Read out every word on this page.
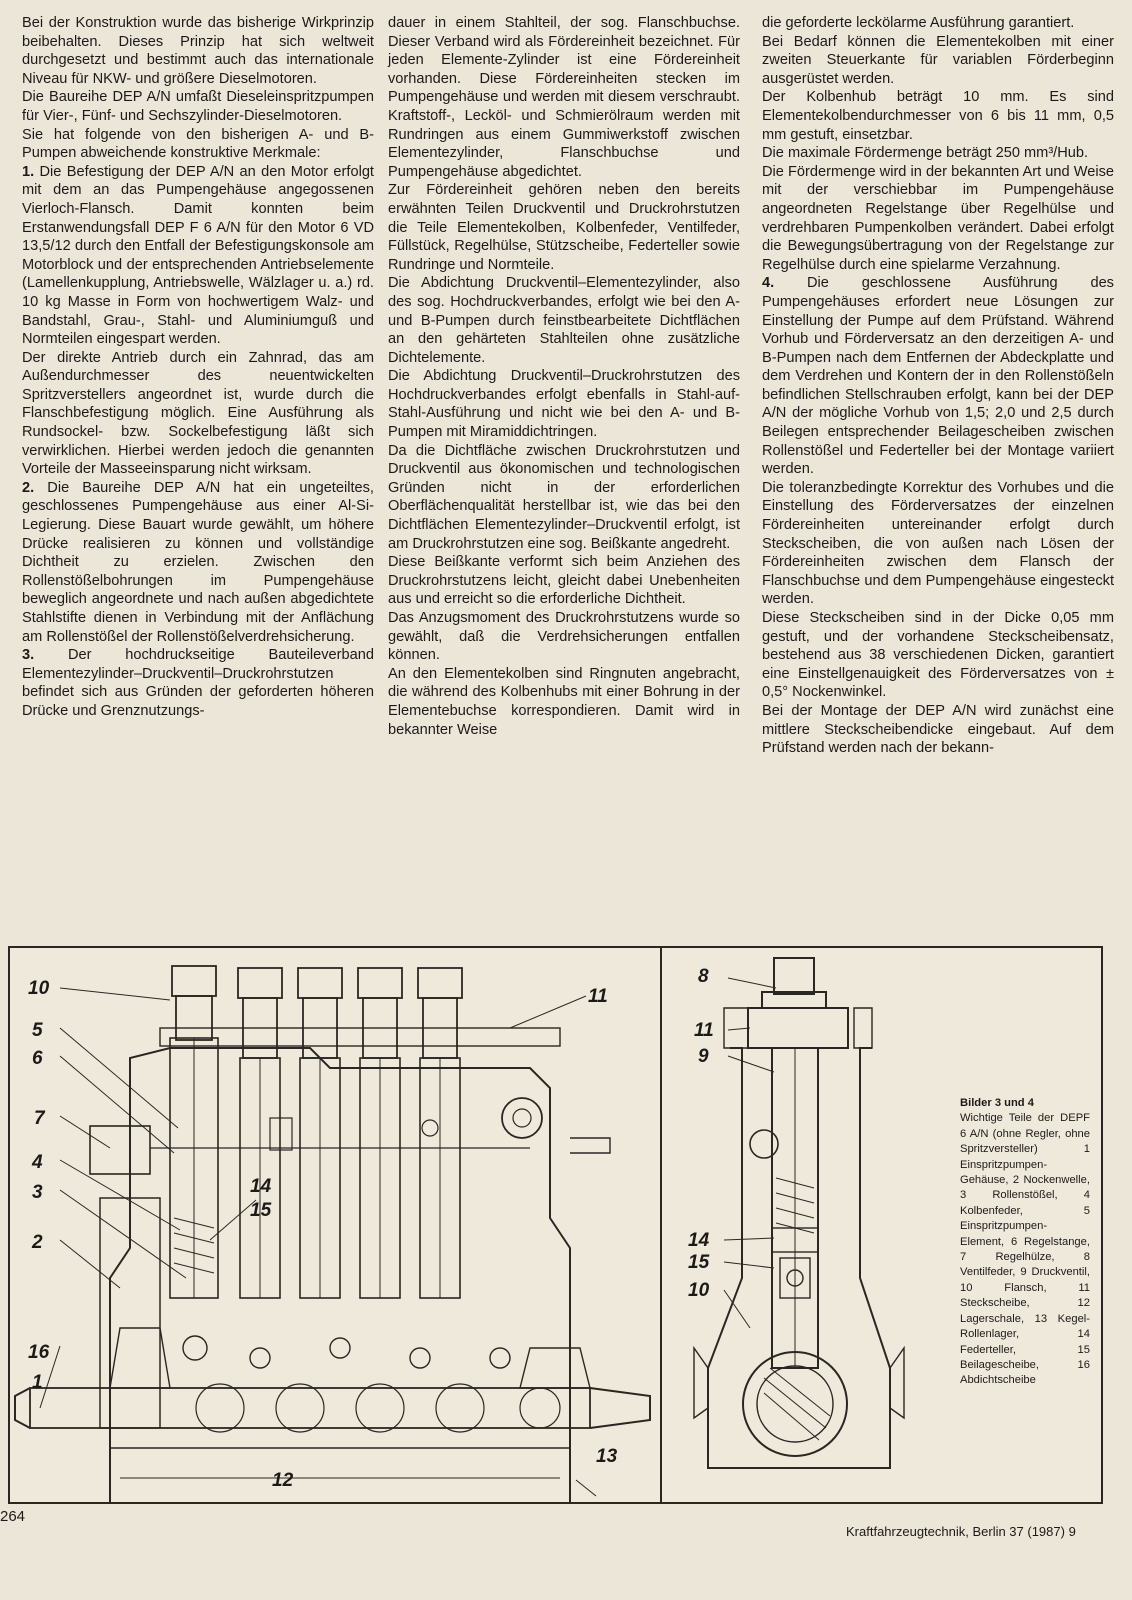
Bei der Konstruktion wurde das bisherige Wirkprinzip beibehalten. Dieses Prinzip hat sich weltweit durchgesetzt und bestimmt auch das internationale Niveau für NKW- und größere Dieselmotoren.

Die Baureihe DEP A/N umfaßt Dieseleinspritzpumpen für Vier-, Fünf- und Sechszylinder-Dieselmotoren.

Sie hat folgende von den bisherigen A- und B-Pumpen abweichende konstruktive Merkmale:

1. Die Befestigung der DEP A/N an den Motor erfolgt mit dem an das Pumpengehäuse angegossenen Vierloch-Flansch. Damit konnten beim Erstanwendungsfall DEP F 6 A/N für den Motor 6 VD 13,5/12 durch den Entfall der Befestigungskonsole am Motorblock und der entsprechenden Antriebselemente (Lamellenkupplung, Antriebswelle, Wälzlager u. a.) rd. 10 kg Masse in Form von hochwertigem Walz- und Bandstahl, Grau-, Stahl- und Aluminiumguß und Normteilen eingespart werden.

Der direkte Antrieb durch ein Zahnrad, das am Außendurchmesser des neuentwickelten Spritzverstellers angeordnet ist, wurde durch die Flanschbefestigung möglich. Eine Ausführung als Rundsockel- bzw. Sockelbefestigung läßt sich verwirklichen. Hierbei werden jedoch die genannten Vorteile der Masseeinsparung nicht wirksam.

2. Die Baureihe DEP A/N hat ein ungeteiltes, geschlossenes Pumpengehäuse aus einer Al-Si-Legierung. Diese Bauart wurde gewählt, um höhere Drücke realisieren zu können und vollständige Dichtheit zu erzielen. Zwischen den Rollenstößelbohrungen im Pumpengehäuse beweglich angeordnete und nach außen abgedichtete Stahlstifte dienen in Verbindung mit der Anflächung am Rollenstößel der Rollenstößelverdrehsicherung.

3. Der hochdruckseitige Bauteileverband Elementezylinder–Druckventil–Druckrohrstutzen befindet sich aus Gründen der geforderten höheren Drücke und Grenznutzungs-

dauer in einem Stahlteil, der sog. Flanschbuchse. Dieser Verband wird als Fördereinheit bezeichnet. Für jeden Elemente-Zylinder ist eine Fördereinheit vorhanden. Diese Fördereinheiten stecken im Pumpengehäuse und werden mit diesem verschraubt. Kraftstoff-, Lecköl- und Schmierölraum werden mit Rundringen aus einem Gummiwerkstoff zwischen Elementezylinder, Flanschbuchse und Pumpengehäuse abgedichtet.

Zur Fördereinheit gehören neben den bereits erwähnten Teilen Druckventil und Druckrohrstutzen die Teile Elementekolben, Kolbenfeder, Ventilfeder, Füllstück, Regelhülse, Stützscheibe, Federteller sowie Rundringe und Normteile.

Die Abdichtung Druckventil–Elementezylinder, also des sog. Hochdruckverbandes, erfolgt wie bei den A- und B-Pumpen durch feinstbearbeitete Dichtflächen an den gehärteten Stahlteilen ohne zusätzliche Dichtelemente.

Die Abdichtung Druckventil–Druckrohrstutzen des Hochdruckverbandes erfolgt ebenfalls in Stahl-auf-Stahl-Ausführung und nicht wie bei den A- und B-Pumpen mit Miramiddichtringen.

Da die Dichtfläche zwischen Druckrohrstutzen und Druckventil aus ökonomischen und technologischen Gründen nicht in der erforderlichen Oberflächenqualität herstellbar ist, wie das bei den Dichtflächen Elementezylinder–Druckventil erfolgt, ist am Druckrohrstutzen eine sog. Beißkante angedreht.

Diese Beißkante verformt sich beim Anziehen des Druckrohrstutzens leicht, gleicht dabei Unebenheiten aus und erreicht so die erforderliche Dichtheit.

Das Anzugsmoment des Druckrohrstutzens wurde so gewählt, daß die Verdrehsicherungen entfallen können.

An den Elementekolben sind Ringnuten angebracht, die während des Kolbenhubs mit einer Bohrung in der Elementebuchse korrespondieren. Damit wird in bekannter Weise

die geforderte leckölarme Ausführung garantiert.

Bei Bedarf können die Elementekolben mit einer zweiten Steuerkante für variablen Förderbeginn ausgerüstet werden.

Der Kolbenhub beträgt 10 mm. Es sind Elementekolbendurchmesser von 6 bis 11 mm, 0,5 mm gestuft, einsetzbar.

Die maximale Fördermenge beträgt 250 mm³/Hub.

Die Fördermenge wird in der bekannten Art und Weise mit der verschiebbar im Pumpengehäuse angeordneten Regelstange über Regelhülse und verdrehbaren Pumpenkolben verändert. Dabei erfolgt die Bewegungsübertragung von der Regelstange zur Regelhülse durch eine spielarme Verzahnung.

4. Die geschlossene Ausführung des Pumpengehäuses erfordert neue Lösungen zur Einstellung der Pumpe auf dem Prüfstand. Während Vorhub und Förderversatz an den derzeitigen A- und B-Pumpen nach dem Entfernen der Abdeckplatte und dem Verdrehen und Kontern der in den Rollenstößeln befindlichen Stellschrauben erfolgt, kann bei der DEP A/N der mögliche Vorhub von 1,5; 2,0 und 2,5 durch Beilegen entsprechender Beilagescheiben zwischen Rollenstößel und Federteller bei der Montage variiert werden.

Die toleranzbedingte Korrektur des Vorhubes und die Einstellung des Förderversatzes der einzelnen Fördereinheiten untereinander erfolgt durch Steckscheiben, die von außen nach Lösen der Fördereinheiten zwischen dem Flansch der Flanschbuchse und dem Pumpengehäuse eingesteckt werden.

Diese Steckscheiben sind in der Dicke 0,05 mm gestuft, und der vorhandene Steckscheibensatz, bestehend aus 38 verschiedenen Dicken, garantiert eine Einstellgenauigkeit des Förderversatzes von ± 0,5° Nockenwinkel.

Bei der Montage der DEP A/N wird zunächst eine mittlere Steckscheibendicke eingebaut. Auf dem Prüfstand werden nach der bekann-

10
5
6
7
4
3
2
16
1
14
15
11
12
13
8
11
9
14
15
10
Bilder 3 und 4
Wichtige Teile der DEPF 6 A/N (ohne Regler, ohne Spritzversteller) 1 Einspritzpumpen-Gehäuse, 2 Nockenwelle, 3 Rollenstößel, 4 Kolbenfeder, 5 Einspritzpumpen-Element, 6 Regelstange, 7 Regelhülze, 8 Ventilfeder, 9 Druckventil, 10 Flansch, 11 Steckscheibe, 12 Lagerschale, 13 Kegel-Rollenlager, 14 Federteller, 15 Beilagescheibe, 16 Abdichtscheibe
264
Kraftfahrzeugtechnik, Berlin 37 (1987) 9
